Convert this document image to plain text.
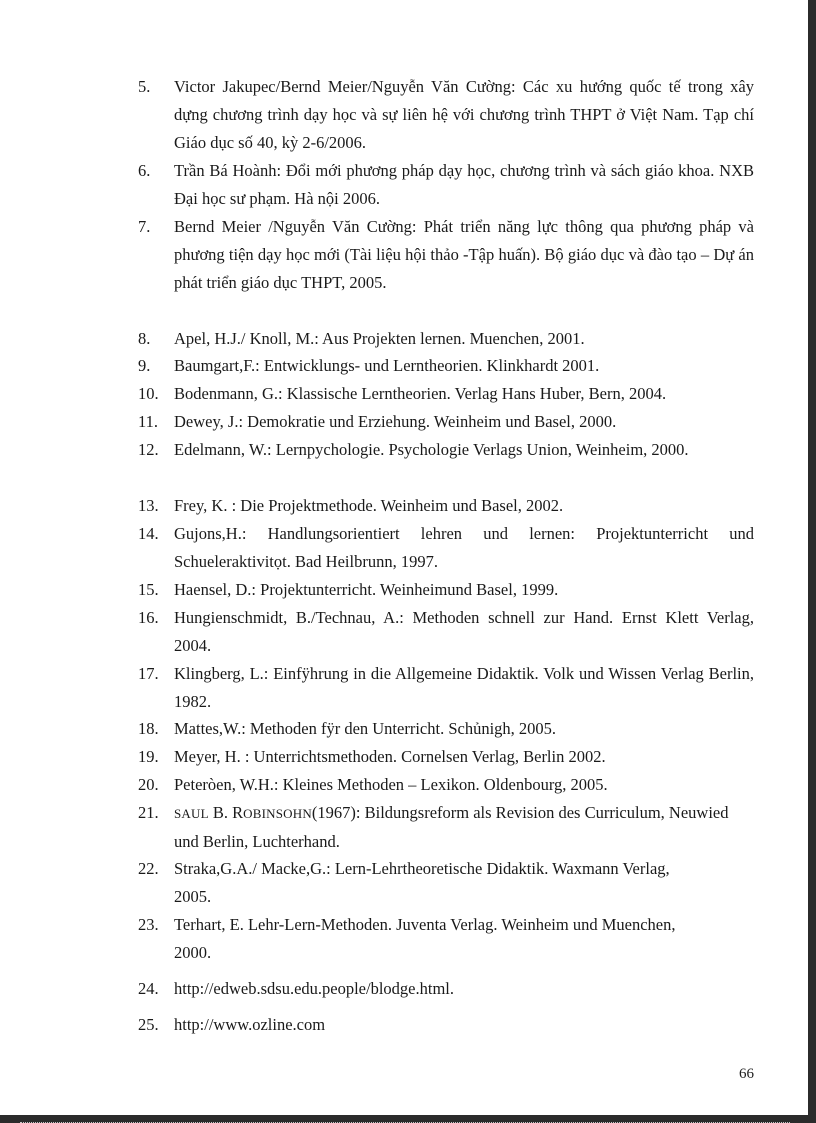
5.	Victor Jakupec/Bernd Meier/Nguyễn Văn Cường: Các xu hướng quốc tế trong xây dựng chương trình dạy học và sự liên hệ với chương trình THPT ở Việt Nam. Tạp chí Giáo dục số 40, kỳ 2-6/2006.
6.	Trần Bá Hoành: Đổi mới phương pháp dạy học, chương trình và sách giáo khoa. NXB Đại học sư phạm. Hà nội 2006.
7.	Bernd Meier /Nguyễn Văn Cường: Phát triển năng lực thông qua phương pháp và phương tiện dạy học mới (Tài liệu hội thảo -Tập huấn). Bộ giáo dục và đào tạo – Dự án phát triển giáo dục THPT, 2005.
8.	Apel, H.J./ Knoll, M.: Aus Projekten lernen. Muenchen, 2001.
9.	Baumgart,F.: Entwicklungs- und Lerntheorien. Klinkhardt 2001.
10. Bodenmann, G.: Klassische Lerntheorien. Verlag Hans Huber, Bern, 2004.
11. Dewey, J.: Demokratie und Erziehung. Weinheim und Basel, 2000.
12. Edelmann, W.: Lernpychologie. Psychologie Verlags Union, Weinheim, 2000.
13. Frey, K. : Die Projektmethode. Weinheim und Basel, 2002.
14. Gujons,H.: Handlungsorientiert lehren und lernen: Projektunterricht und Schueleraktivitọt. Bad Heilbrunn, 1997.
15. Haensel, D.: Projektunterricht. Weinheimund Basel, 1999.
16. Hungienschmidt, B./Technau, A.: Methoden schnell zur Hand. Ernst Klett Verlag, 2004.
17. Klingberg, L.: Einfÿhrung in die Allgemeine Didaktik. Volk und Wissen Verlag Berlin, 1982.
18. Mattes,W.: Methoden fÿr den Unterricht. Schủnigh, 2005.
19. Meyer, H. : Unterrichtsmethoden. Cornelsen Verlag, Berlin 2002.
20. Peteròen, W.H.: Kleines Methoden – Lexikon. Oldenbourg, 2005.
21.	SAUL B. ROBINSOHN(1967): Bildungsreform als Revision des Curriculum, Neuwied und Berlin, Luchterhand.
22. Straka,G.A./ Macke,G.: Lern-Lehrtheoretische Didaktik. Waxmann Verlag, 2005.
23. Terhart, E. Lehr-Lern-Methoden. Juventa Verlag. Weinheim und Muenchen, 2000.
24. http://edweb.sdsu.edu.people/blodge.html.
25. http://www.ozline.com
66
